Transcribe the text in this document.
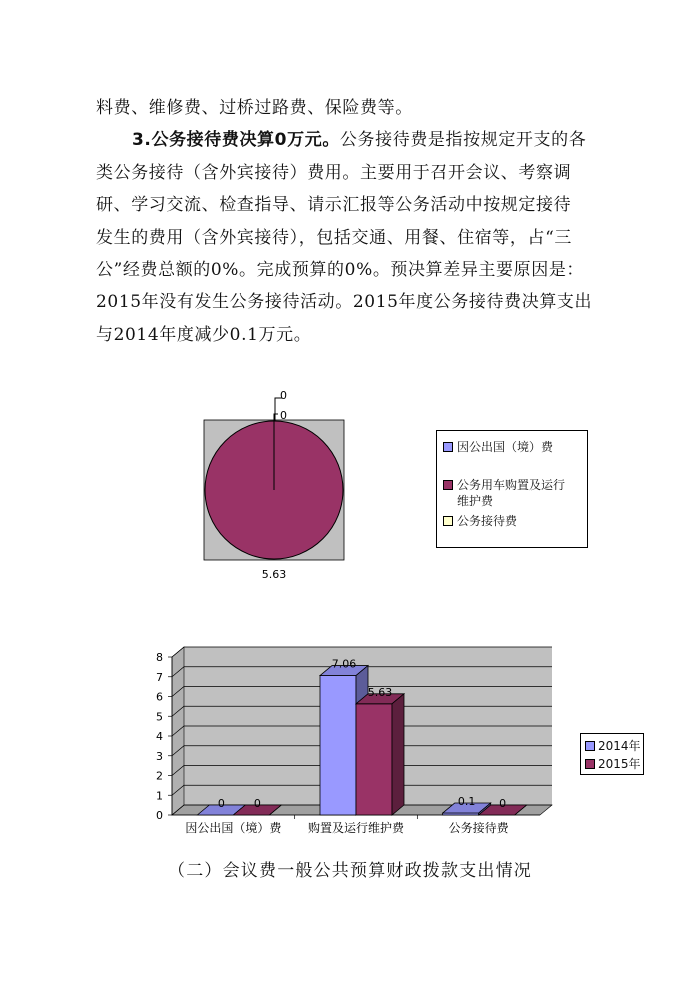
料费、维修费、过桥过路费、保险费等。
3.公务接待费决算0万元。公务接待费是指按规定开支的各
类公务接待（含外宾接待）费用。主要用于召开会议、考察调
研、学习交流、检查指导、请示汇报等公务活动中按规定接待
发生的费用（含外宾接待），包括交通、用餐、住宿等，占“三
公”经费总额的0%。完成预算的0%。预决算差异主要原因是：
2015年没有发生公务接待活动。2015年度公务接待费决算支出
与2014年度减少0.1万元。
0
0
5.63
因公出国（境）费
公务用车购置及运行维护费
公务接待费
0
1
2
3
4
5
6
7
8
因公出国（境）费
0	0
购置及运行维护费
7.06
5.63
公务接待费
0.1 0
2014年
2015年
（二）会议费一般公共预算财政拨款支出情况
